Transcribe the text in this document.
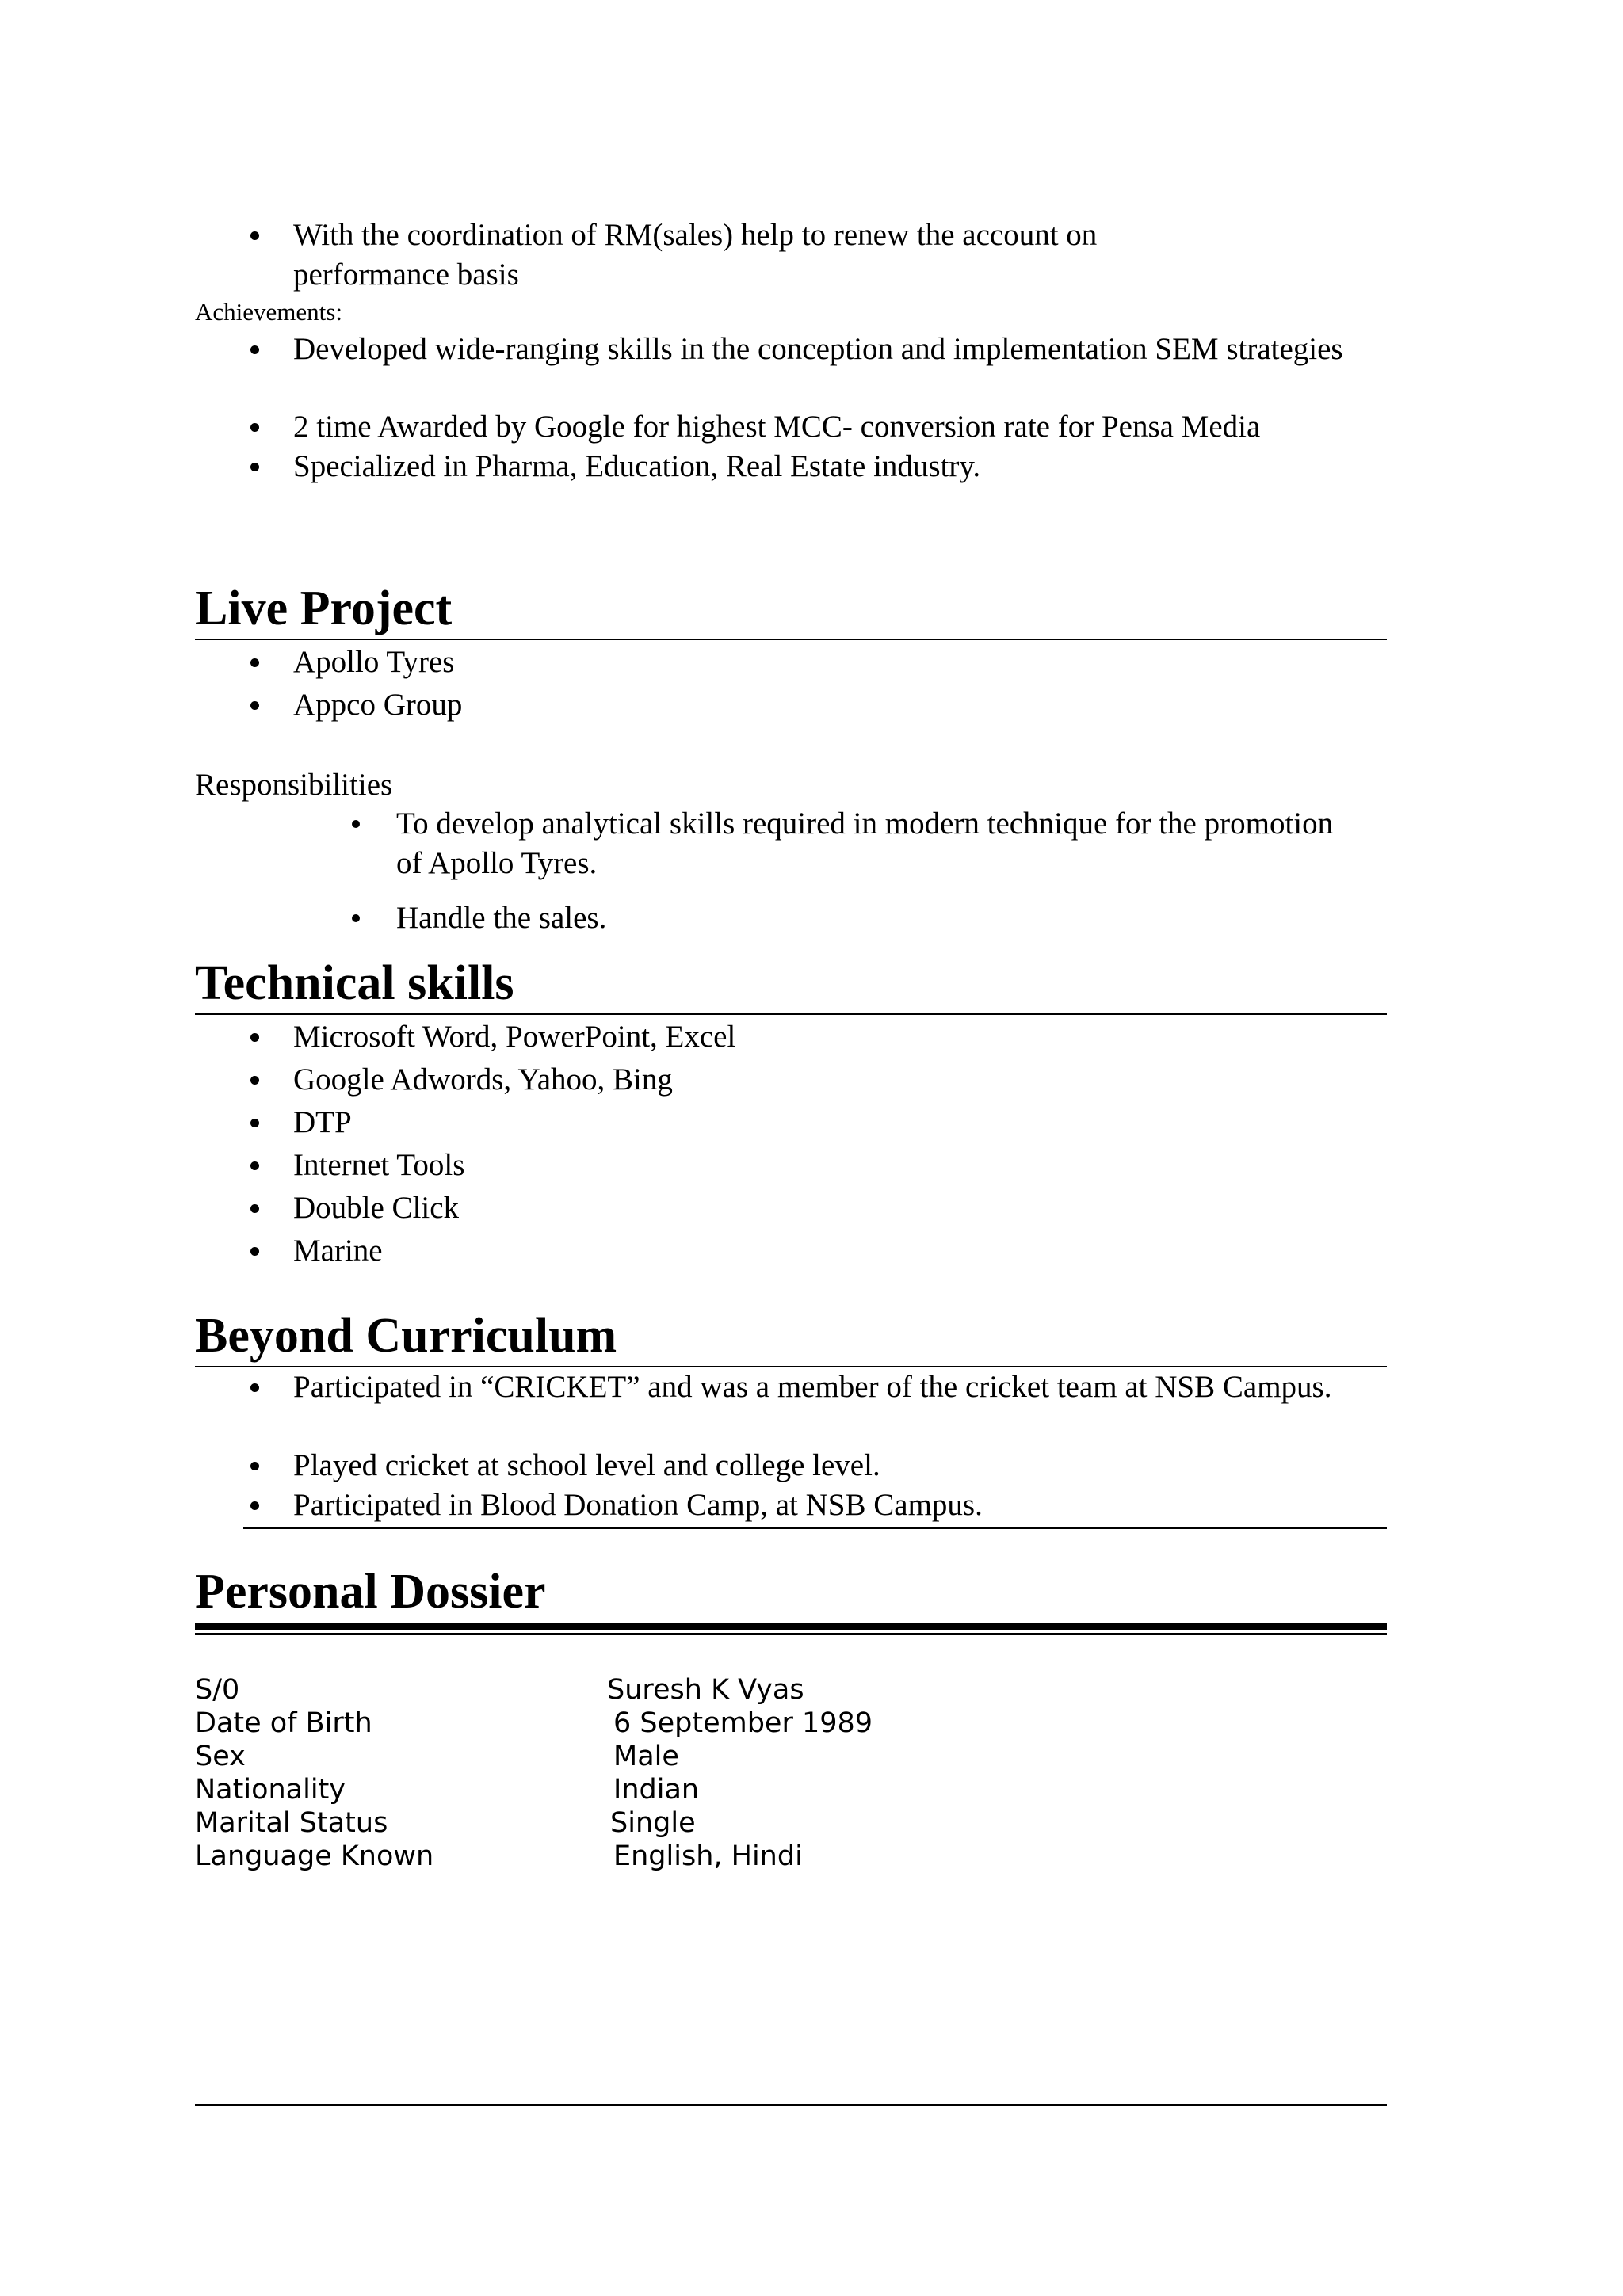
With the coordination of RM(sales) help to renew the account on performance basis
Achievements:
Developed wide-ranging skills in the conception and implementation SEM strategies
2 time Awarded by Google for highest MCC- conversion rate for Pensa Media
Specialized in Pharma, Education, Real Estate industry.
Live Project
Apollo Tyres
Appco Group
Responsibilities
To develop analytical skills required in modern technique for the promotion of Apollo Tyres.
Handle the sales.
Technical skills
Microsoft Word, PowerPoint, Excel
Google Adwords, Yahoo, Bing
DTP
Internet Tools
Double Click
Marine
Beyond Curriculum
Participated in “CRICKET” and was a member of the cricket team at NSB Campus.
Played cricket at school level and college level.
Participated in Blood Donation Camp, at NSB Campus.
Personal Dossier
S/0	Suresh K Vyas
Date of Birth	6 September 1989
Sex	Male
Nationality	Indian
Marital Status	Single
Language Known	English, Hindi
